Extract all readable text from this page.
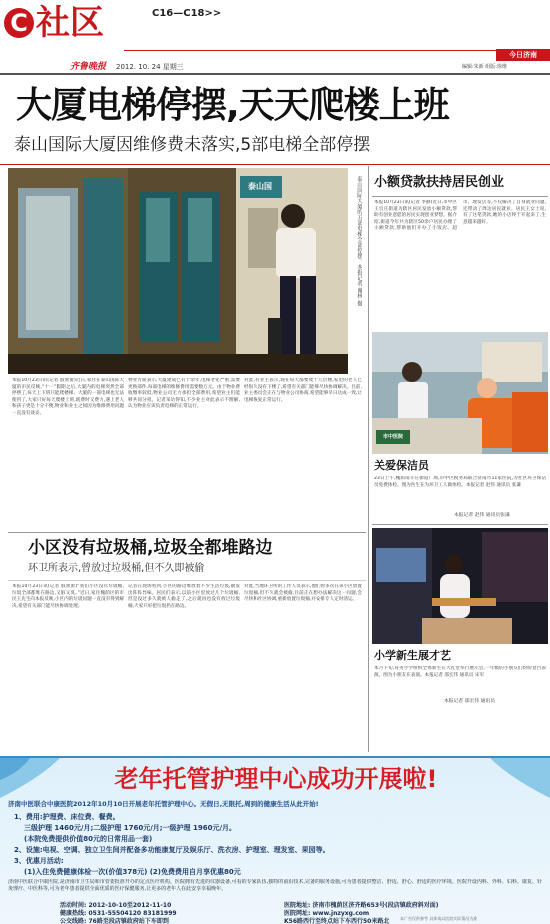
C 社区	C16—C18>>
今日济南
齐鲁晚报 2012. 10. 24 星期三	编辑:朱新 组版:徐维
大厦电梯停摆,天天爬楼上班
泰山国际大厦因维修费未落实,5部电梯全部停摆
泰山国	泰山国际大厦的五部电梯全部停摆。本报记者 谢林 摄
本报10月23日讯(记者 殷蕾蕾)近日,家住在泰山国际大厦的市民反映,“十一”假期之后,大厦内的电梯突然全部停摆了,每天上下班只能爬楼梯。大厦的一部电梯也无法使用了,大家只好每天爬楼上班,既费时又费力,遇上老人和孩子更是十分不便,物业和业主之间因为维修费用问题一直没有谈妥。
物业方面表示,大厦建成已有十余年,电梯老化严重,需要更换部件,每部电梯的维修费用需要数万元。由于物业费收缴率较低,物业公司无力承担全部费用,希望业主们能够共同分担。记者采访得知,不少业主对此表示不理解,认为物业应该负责电梯的正常运行。
对此,有业主表示,现在每天都要爬十几层楼,家里的老人已经很久没有下楼了,希望有关部门能够尽快协调解决。目前,业主委员会正在与物业公司协商,希望能够早日达成一致,让电梯恢复正常运行。
小区没有垃圾桶,垃圾全都堆路边
环卫所表示,曾放过垃圾桶,但不久即被偷
本报10月23日讯(记者 殷蕾蕾)“我们小区没有垃圾桶,垃圾全部都堆在路边,又脏又臭。”近日,家住槐荫区的市民王先生向本报反映,小区内的垃圾问题一直没有得到解决,希望有关部门能尽快协调处理。
记者在现场看到,小区的路边堆放着不少生活垃圾,散发出阵阵异味。居民们表示,以前小区里放过几个垃圾桶,但是没过多久就被人偷走了,之后就再也没有放过垃圾桶,大家只好把垃圾扔在路边。
对此,当地环卫所的工作人员表示,他们曾多次在该小区放置垃圾桶,但不久就会被偷,目前正在想办法解决这一问题,会尽快和社区协调,重新放置垃圾桶,并安排专人定时清运。
小额贷款扶持居民创业
本报10月23日讯(记者 李静)近日,市中区王官庄街道为辖区居民发放小额贷款,帮助有创业意愿的居民实现创业梦想。据介绍,街道今年共为辖区50余户居民办理了小额贷款,帮助他们开办了小饭店、超市、理发店等,不仅解决了自身就业问题,还带动了周边居民就业。居民王女士说,有了这笔贷款,她的小店终于开起来了,生意越来越好。
市中医院
关爱保洁员
23日上午,槐荫南辛庄街道广场,市中区税务局联合济南市11家医院,为社区环卫保洁员免费体检。图为医生在为环卫工人做体检。本报记者 赵伟 通讯员 张谦
本报记者 赵伟 通讯员张谦
小学新生展才艺
本月下旬,育英小学组织全体新生在大礼堂举行展示会,一年级的小朋友们纷纷登台表演。图为小朋友在表演。本报记者 邵宏伟 通讯员 宋军
本报记者 邵宏伟 通讯员
老年托管护理中心成功开展啦!
济南中医联合中康医院2012年10月10日开展老年托管护理中心。无假日,无限托,周到的健康生活从此开始!
1、费用:护理费、床位费、餐费。
三级护理 1460元/月;二级护理 1760元/月;一级护理 1960元/月。
(本院免费提供价值80元的日常用品一套)
2、设施:电视、空调、独立卫生间并配备多功能康复厅及娱乐厅、洗衣房、护理室、理发室、果园等。
3、优惠月活动:
(1)入住免费健康体检一次(价值378元) (2)免费费用自月享优惠80元
济南中医联合中康医院,是济南市卫生局和市管委批准开办的定点医疗机构。医院拥有先进的仪器设备,可看的专家队伍,独特的前沿技术,完备的服务设施,可为患者提供整洁、舒适、舒心、舒适的医疗环境。医院开设内科、外科、妇科、康复、针灸理疗、中医科等,可为老年患者提供全面优质的医疗保健服务,让更多的老年人在此安享幸福晚年。
活动时间: 2012-10-10至2012-11-10
健康热线: 0531-55504120 83181999
公交线路: 76路至段店镇政府站下车即到
医院地址: 济南市槐荫区济齐路653号(段店镇政府斜对面)
医院网址: www.jnzyxg.com
K56路西行至终点站下车西行50米路北	本广告仅供参考 具体请以医院实际情况为准
